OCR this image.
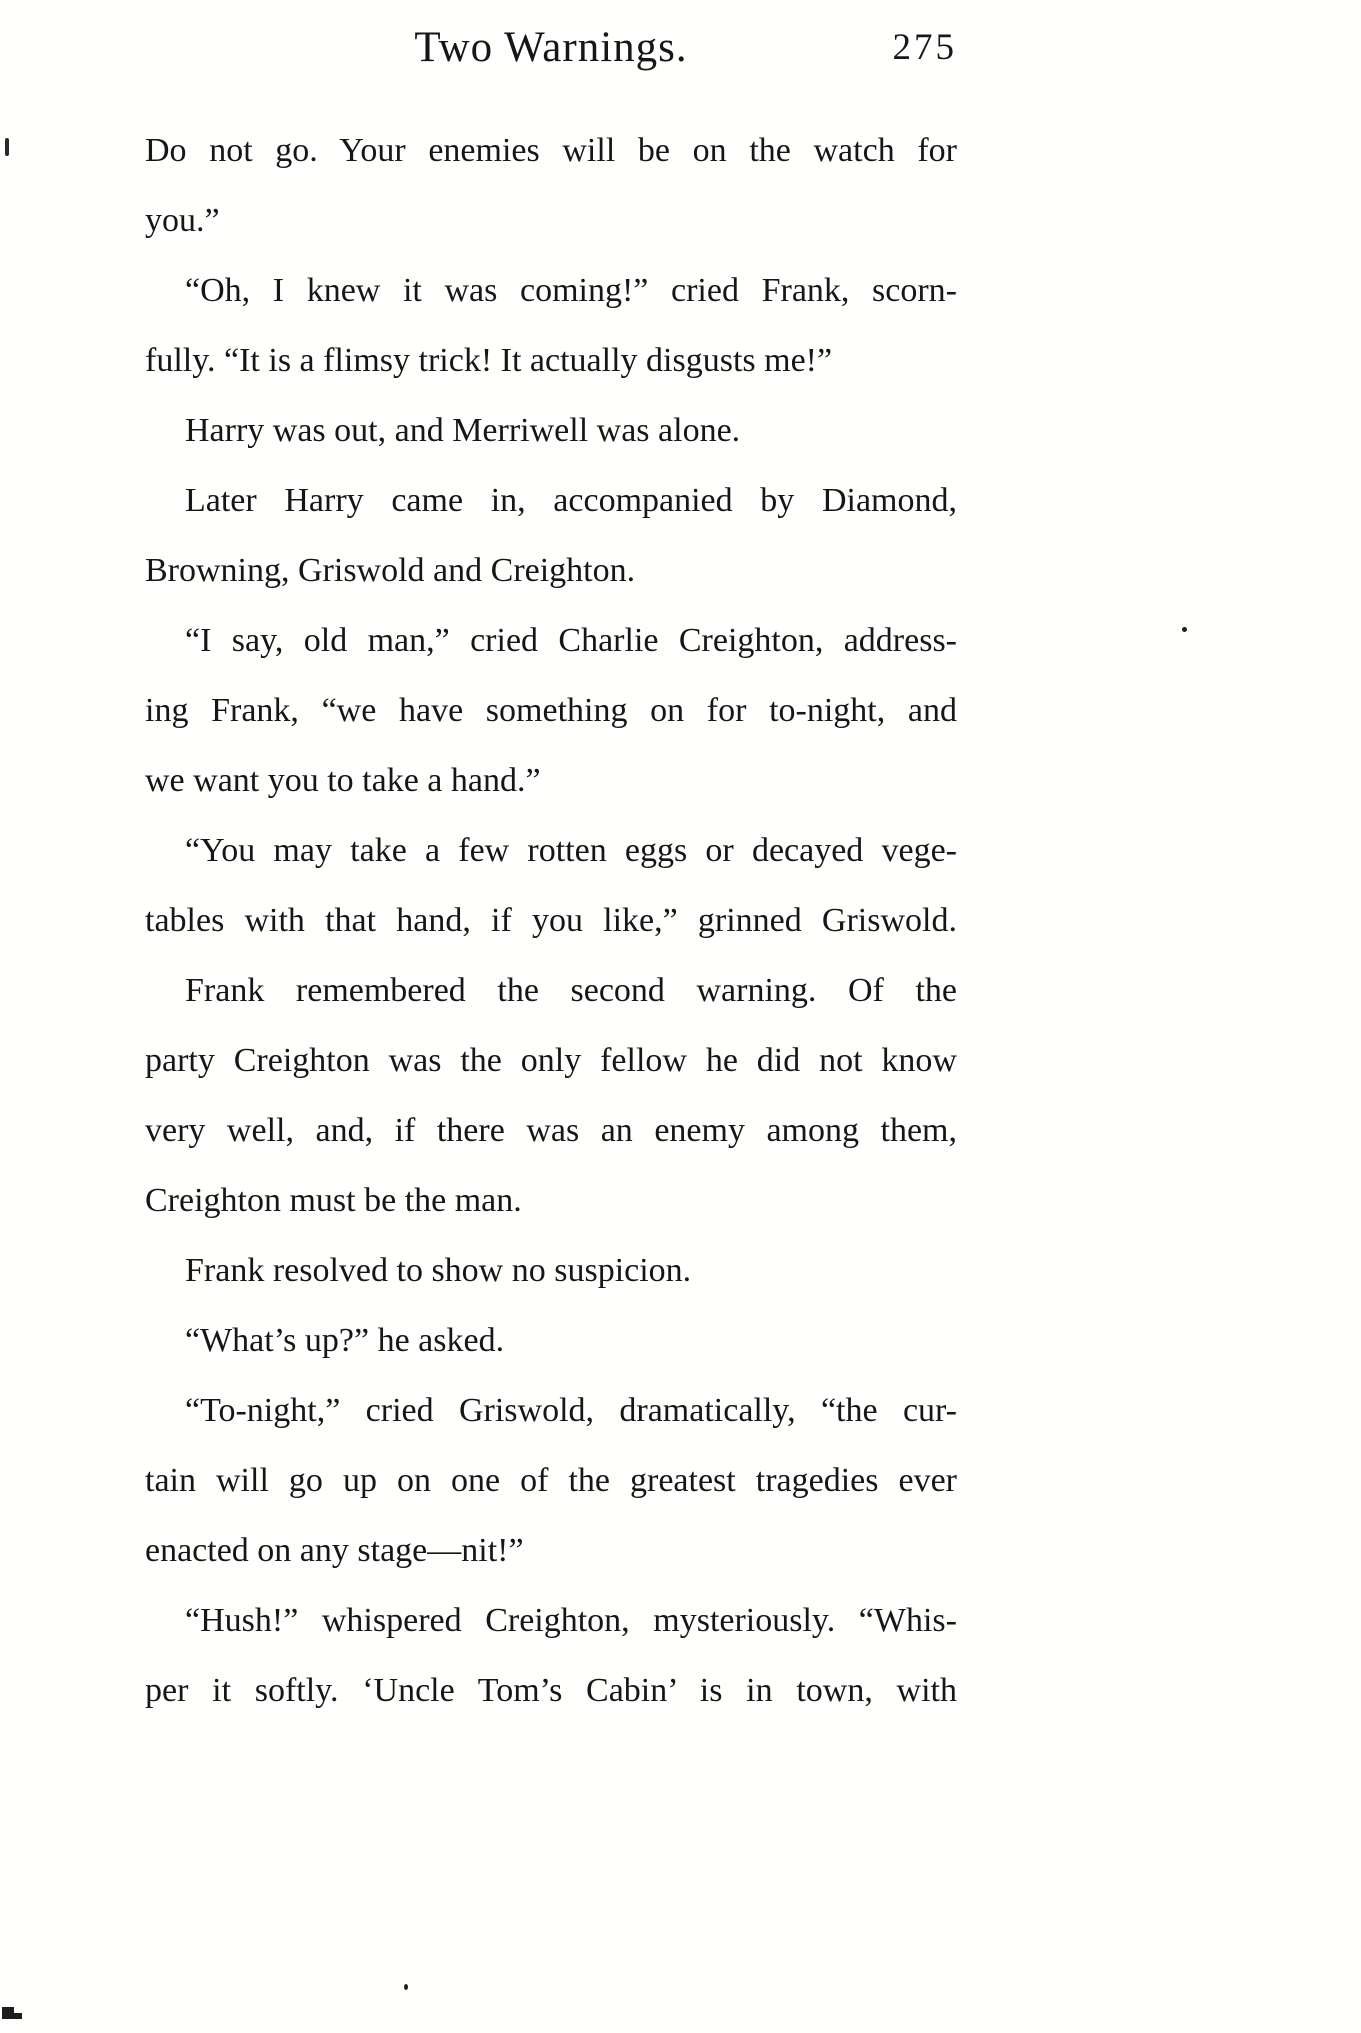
Two Warnings.	275
Do not go. Your enemies will be on the watch for
you.”
“Oh, I knew it was coming!” cried Frank, scorn-
fully. “It is a flimsy trick! It actually disgusts me!”
Harry was out, and Merriwell was alone.
Later Harry came in, accompanied by Diamond,
Browning, Griswold and Creighton.
“I say, old man,” cried Charlie Creighton, address-
ing Frank, “we have something on for to-night, and
we want you to take a hand.”
“You may take a few rotten eggs or decayed vege-
tables with that hand, if you like,” grinned Griswold.
Frank remembered the second warning. Of the
party Creighton was the only fellow he did not know
very well, and, if there was an enemy among them,
Creighton must be the man.
Frank resolved to show no suspicion.
“What’s up?” he asked.
“To-night,” cried Griswold, dramatically, “the cur-
tain will go up on one of the greatest tragedies ever
enacted on any stage—nit!”
“Hush!” whispered Creighton, mysteriously. “Whis-
per it softly. ‘Uncle Tom’s Cabin’ is in town, with
